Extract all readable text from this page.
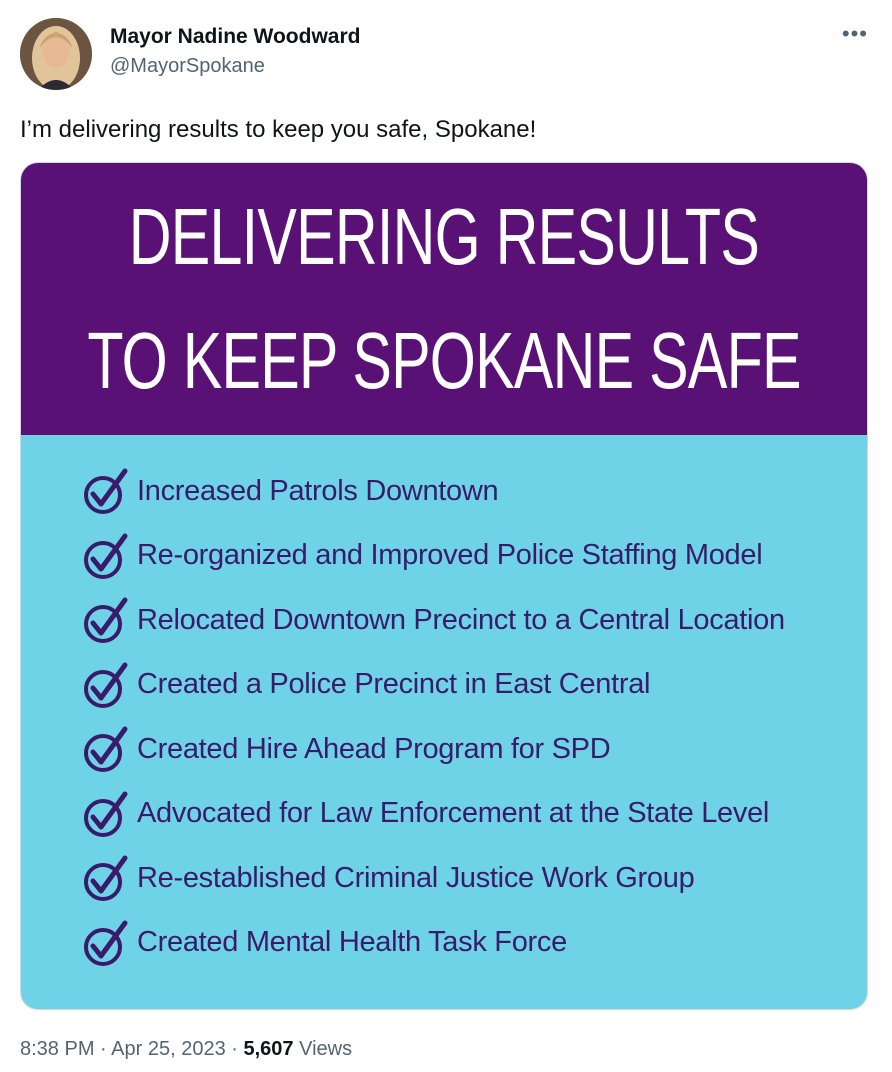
Mayor Nadine Woodward
@MayorSpokane
•••
I’m delivering results to keep you safe, Spokane!
DELIVERING RESULTS
TO KEEP SPOKANE SAFE
Increased Patrols Downtown
Re-organized and Improved Police Staffing Model
Relocated Downtown Precinct to a Central Location
Created a Police Precinct in East Central
Created Hire Ahead Program for SPD
Advocated for Law Enforcement at the State Level
Re-established Criminal Justice Work Group
Created Mental Health Task Force
8:38 PM · Apr 25, 2023 · 5,607 Views
